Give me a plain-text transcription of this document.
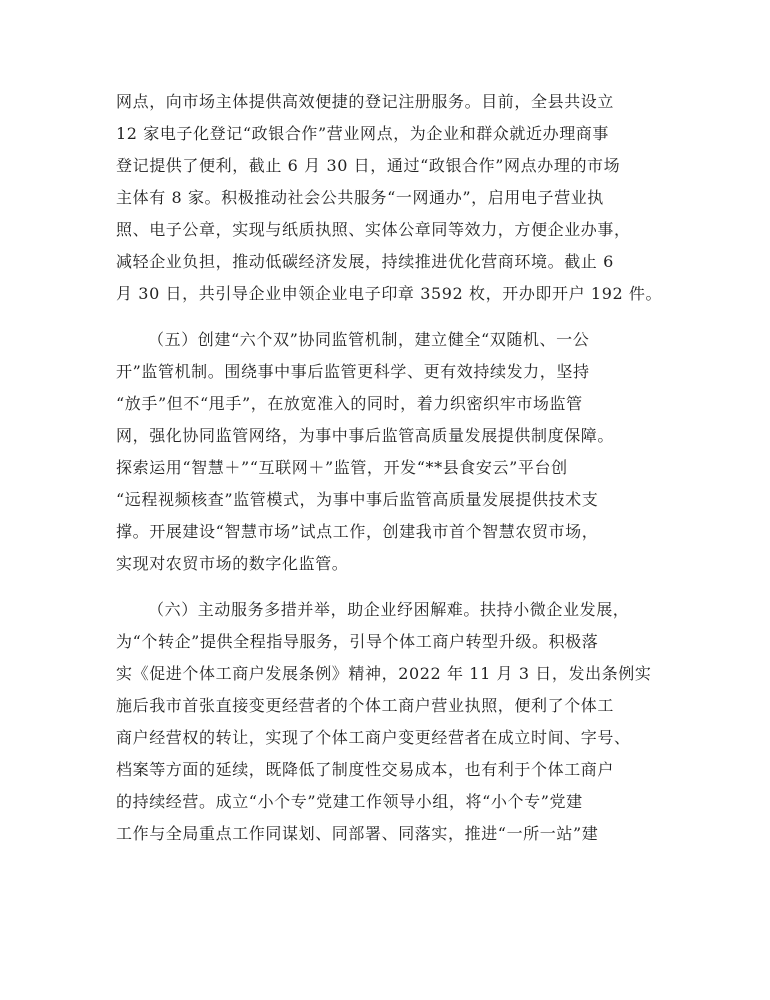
网点，向市场主体提供高效便捷的登记注册服务。目前，全县共设立
12 家电子化登记“政银合作”营业网点，为企业和群众就近办理商事
登记提供了便利，截止 6 月 30 日，通过“政银合作”网点办理的市场
主体有 8 家。积极推动社会公共服务“一网通办”，启用电子营业执
照、电子公章，实现与纸质执照、实体公章同等效力，方便企业办事，
减轻企业负担，推动低碳经济发展，持续推进优化营商环境。截止 6
月 30 日，共引导企业申领企业电子印章 3592 枚，开办即开户 192 件。
（五）创建“六个双”协同监管机制，建立健全“双随机、一公
开”监管机制。围绕事中事后监管更科学、更有效持续发力，坚持
“放手”但不“甩手”，在放宽准入的同时，着力织密织牢市场监管
网，强化协同监管网络，为事中事后监管高质量发展提供制度保障。
探索运用“智慧＋”“互联网＋”监管，开发“**县食安云”平台创
“远程视频核查”监管模式，为事中事后监管高质量发展提供技术支
撑。开展建设“智慧市场”试点工作，创建我市首个智慧农贸市场，
实现对农贸市场的数字化监管。
（六）主动服务多措并举，助企业纾困解难。扶持小微企业发展，
为“个转企”提供全程指导服务，引导个体工商户转型升级。积极落
实《促进个体工商户发展条例》精神，2022 年 11 月 3 日，发出条例实
施后我市首张直接变更经营者的个体工商户营业执照，便利了个体工
商户经营权的转让，实现了个体工商户变更经营者在成立时间、字号、
档案等方面的延续，既降低了制度性交易成本，也有利于个体工商户
的持续经营。成立“小个专”党建工作领导小组，将“小个专”党建
工作与全局重点工作同谋划、同部署、同落实，推进“一所一站”建
